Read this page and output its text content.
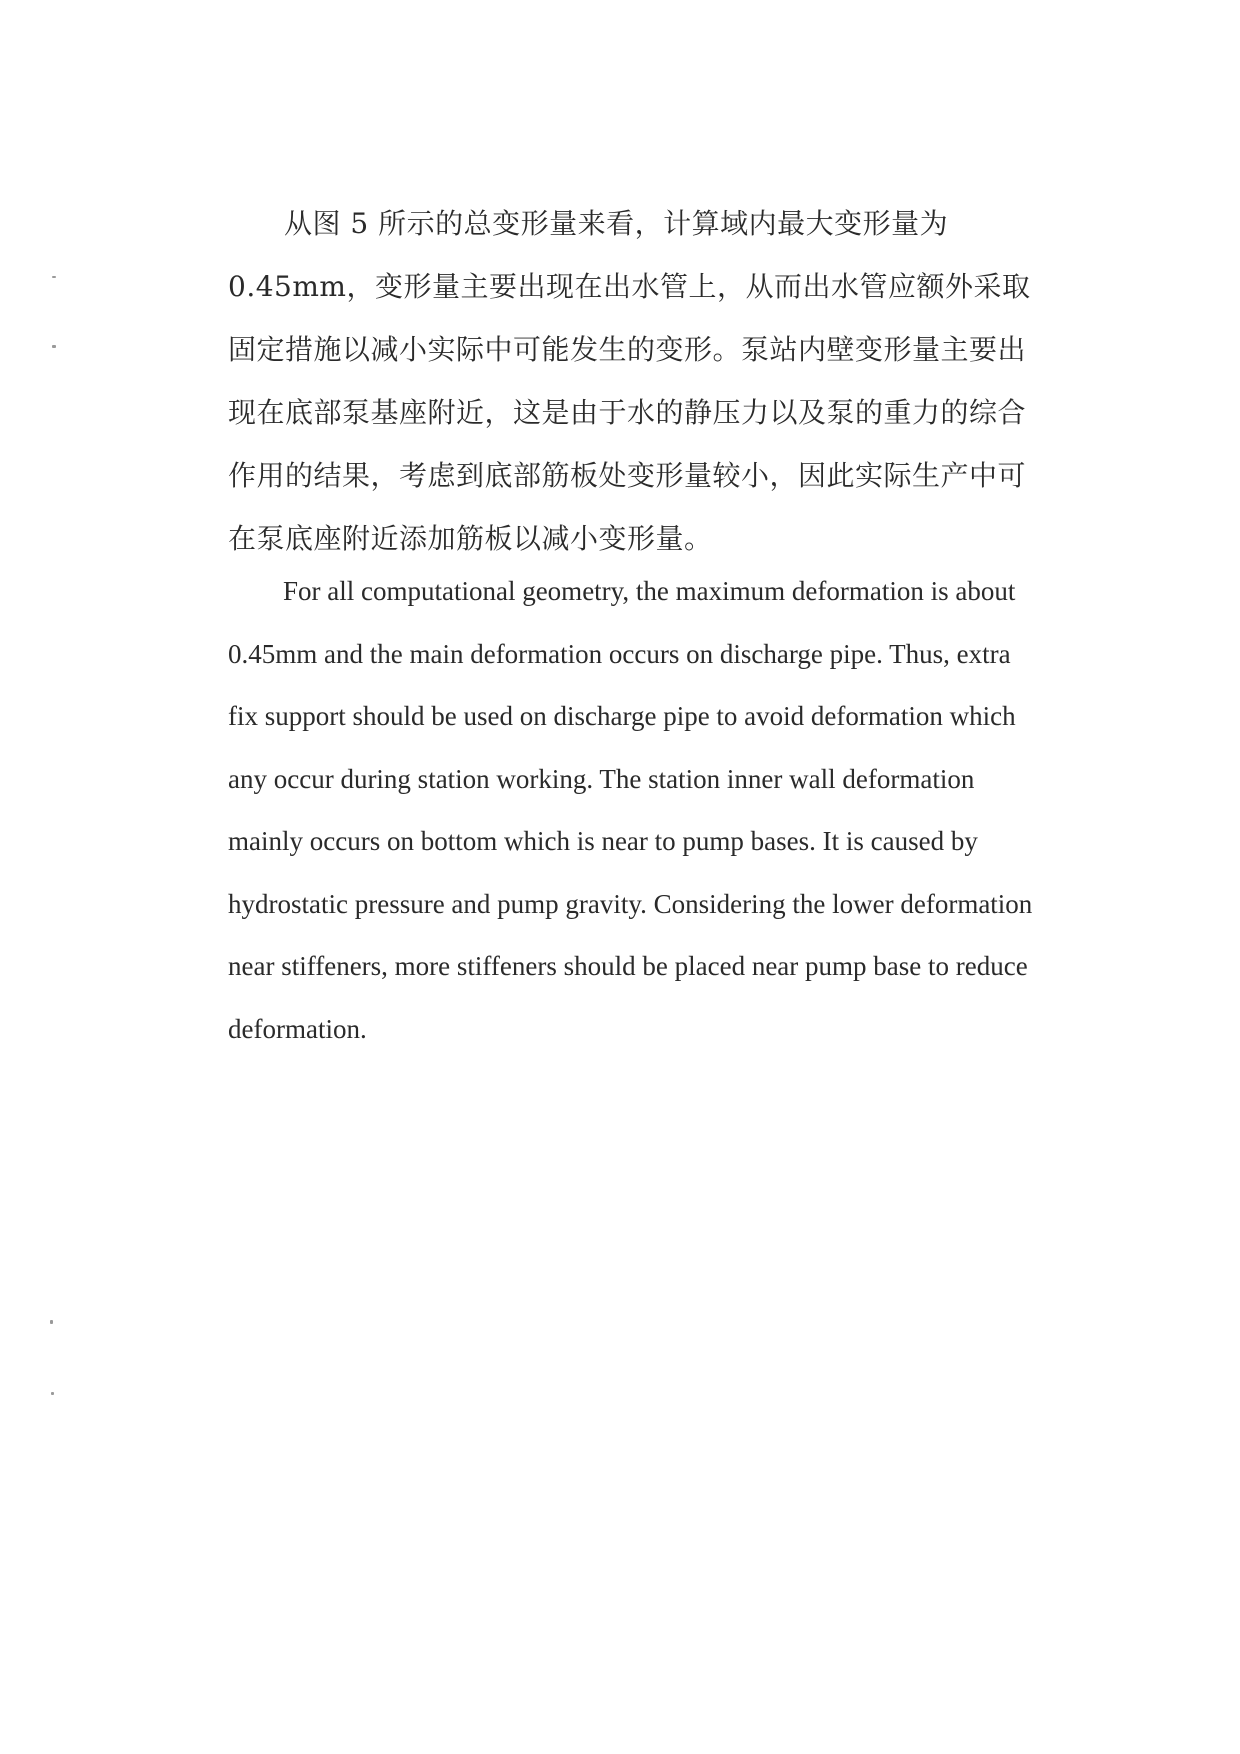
从图 5 所示的总变形量来看，计算域内最大变形量为 0.45mm，变形量主要出现在出水管上，从而出水管应额外采取固定措施以减小实际中可能发生的变形。泵站内壁变形量主要出现在底部泵基座附近，这是由于水的静压力以及泵的重力的综合作用的结果，考虑到底部筋板处变形量较小，因此实际生产中可在泵底座附近添加筋板以减小变形量。

For all computational geometry, the maximum deformation is about 0.45mm and the main deformation occurs on discharge pipe. Thus, extra fix support should be used on discharge pipe to avoid deformation which any occur during station working. The station inner wall deformation mainly occurs on bottom which is near to pump bases. It is caused by hydrostatic pressure and pump gravity. Considering the lower deformation near stiffeners, more stiffeners should be placed near pump base to reduce deformation.
